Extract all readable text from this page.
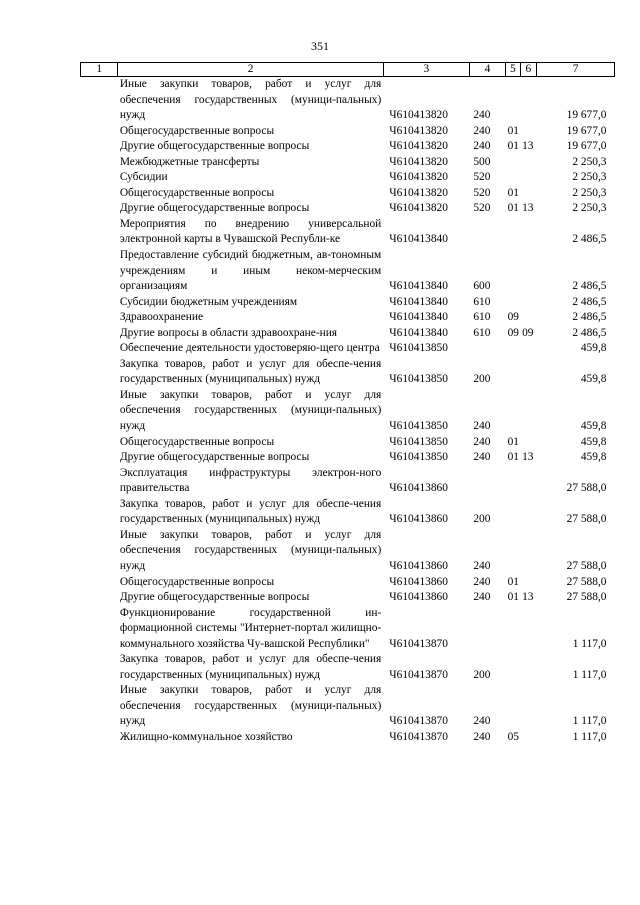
351
1	2	3	4	5	6	7
	Иные закупки товаров, работ и услуг для обеспечения государственных (муници-пальных) нужд	Ч610413820	240			19 677,0
	Общегосударственные вопросы	Ч610413820	240	01		19 677,0
	Другие общегосударственные вопросы	Ч610413820	240	01	13	19 677,0
	Межбюджетные трансферты	Ч610413820	500			2 250,3
	Субсидии	Ч610413820	520			2 250,3
	Общегосударственные вопросы	Ч610413820	520	01		2 250,3
	Другие общегосударственные вопросы	Ч610413820	520	01	13	2 250,3
	Мероприятия по внедрению универсальной электронной карты в Чувашской Республи-ке	Ч610413840				2 486,5
	Предоставление субсидий бюджетным, ав-тономным учреждениям и иным неком-мерческим организациям	Ч610413840	600			2 486,5
	Субсидии бюджетным учреждениям	Ч610413840	610			2 486,5
	Здравоохранение	Ч610413840	610	09		2 486,5
	Другие вопросы в области здравоохране-ния	Ч610413840	610	09	09	2 486,5
	Обеспечение деятельности удостоверяю-щего центра	Ч610413850				459,8
	Закупка товаров, работ и услуг для обеспе-чения государственных (муниципальных) нужд	Ч610413850	200			459,8
	Иные закупки товаров, работ и услуг для обеспечения государственных (муници-пальных) нужд	Ч610413850	240			459,8
	Общегосударственные вопросы	Ч610413850	240	01		459,8
	Другие общегосударственные вопросы	Ч610413850	240	01	13	459,8
	Эксплуатация инфраструктуры электрон-ного правительства	Ч610413860				27 588,0
	Закупка товаров, работ и услуг для обеспе-чения государственных (муниципальных) нужд	Ч610413860	200			27 588,0
	Иные закупки товаров, работ и услуг для обеспечения государственных (муници-пальных) нужд	Ч610413860	240			27 588,0
	Общегосударственные вопросы	Ч610413860	240	01		27 588,0
	Другие общегосударственные вопросы	Ч610413860	240	01	13	27 588,0
	Функционирование государственной ин-формационной системы "Интернет-портал жилищно-коммунального хозяйства Чу-вашской Республики"	Ч610413870				1 117,0
	Закупка товаров, работ и услуг для обеспе-чения государственных (муниципальных) нужд	Ч610413870	200			1 117,0
	Иные закупки товаров, работ и услуг для обеспечения государственных (муници-пальных) нужд	Ч610413870	240			1 117,0
	Жилищно-коммунальное хозяйство	Ч610413870	240	05		1 117,0
